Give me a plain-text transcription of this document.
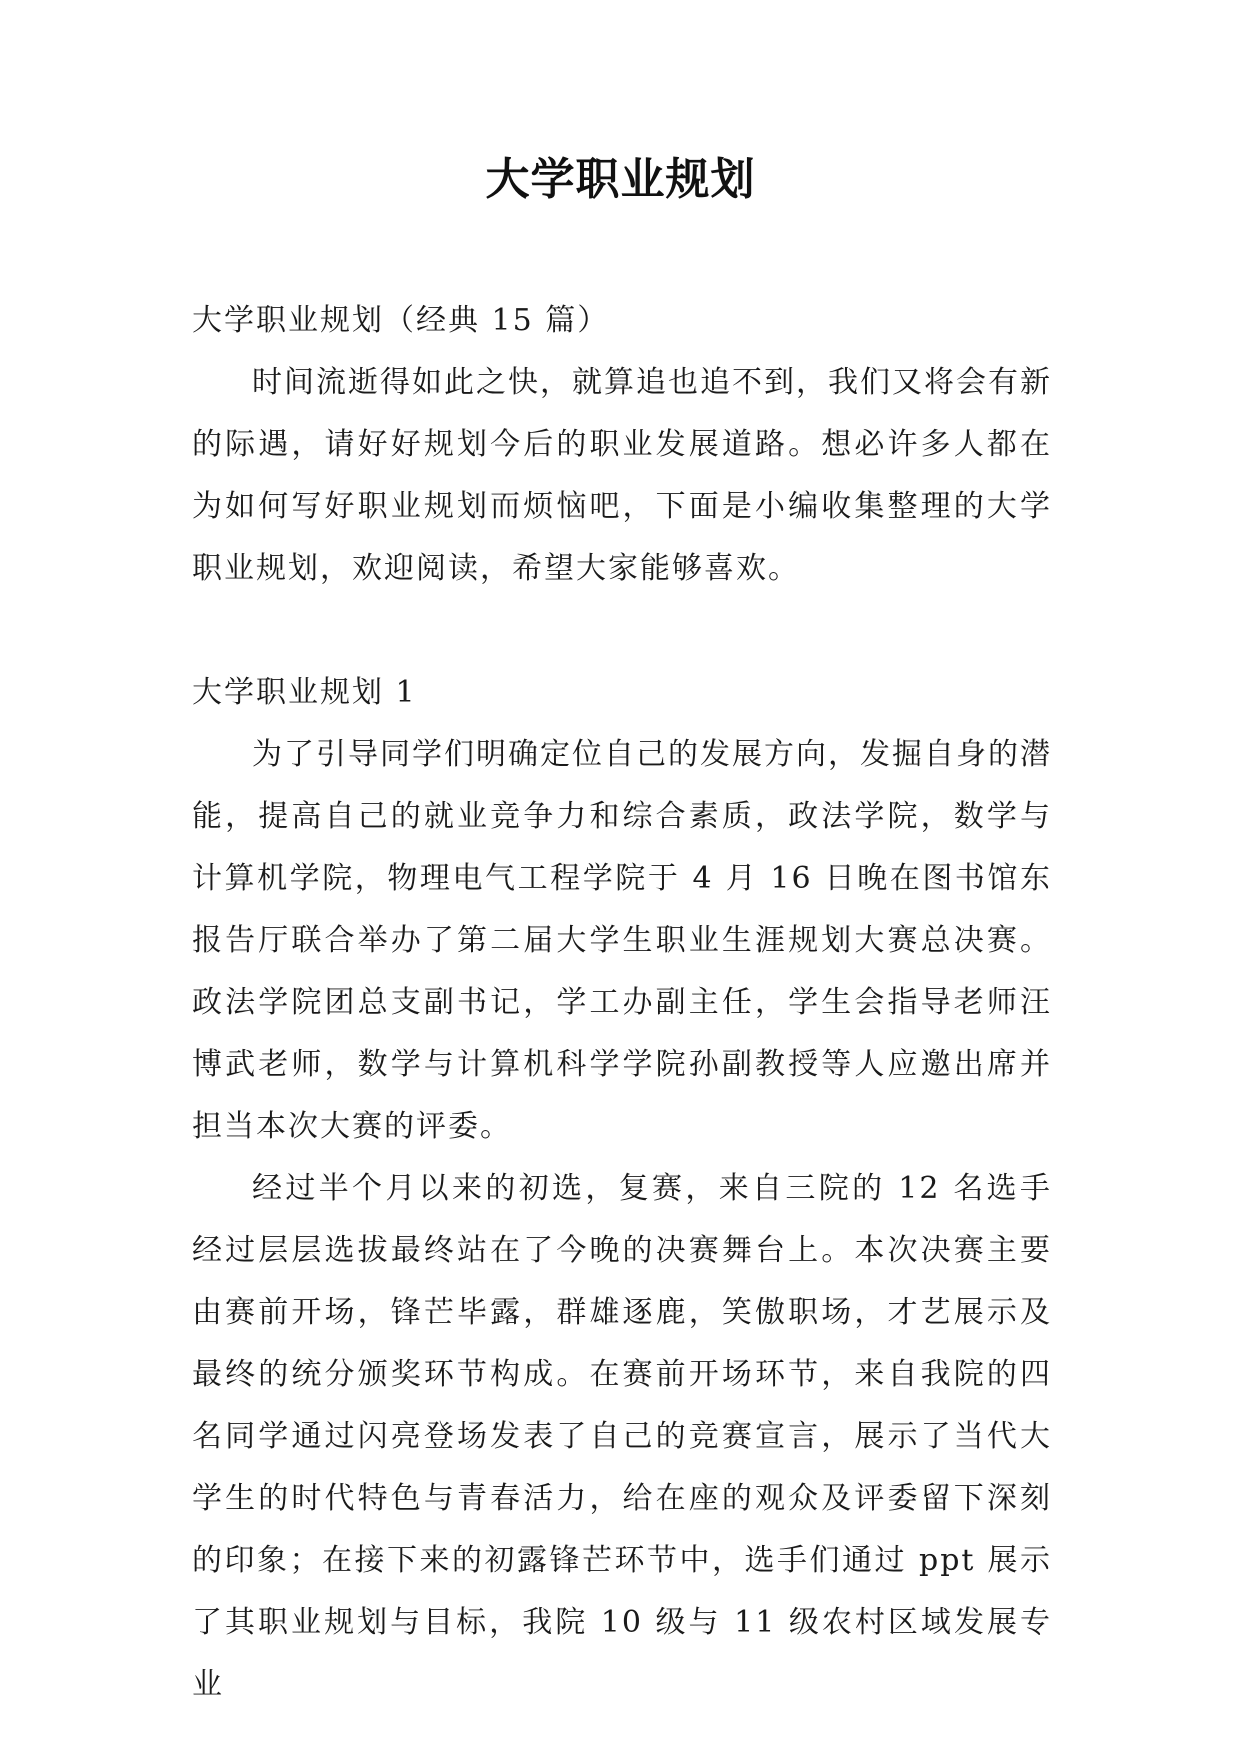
大学职业规划

大学职业规划（经典 15 篇）

时间流逝得如此之快，就算追也追不到，我们又将会有新的际遇，请好好规划今后的职业发展道路。想必许多人都在为如何写好职业规划而烦恼吧，下面是小编收集整理的大学职业规划，欢迎阅读，希望大家能够喜欢。

大学职业规划 1

为了引导同学们明确定位自己的发展方向，发掘自身的潜能，提高自己的就业竞争力和综合素质，政法学院，数学与计算机学院，物理电气工程学院于 4 月 16 日晚在图书馆东报告厅联合举办了第二届大学生职业生涯规划大赛总决赛。政法学院团总支副书记，学工办副主任，学生会指导老师汪博武老师，数学与计算机科学学院孙副教授等人应邀出席并担当本次大赛的评委。

经过半个月以来的初选，复赛，来自三院的 12 名选手经过层层选拔最终站在了今晚的决赛舞台上。本次决赛主要由赛前开场，锋芒毕露，群雄逐鹿，笑傲职场，才艺展示及最终的统分颁奖环节构成。在赛前开场环节，来自我院的四名同学通过闪亮登场发表了自己的竞赛宣言，展示了当代大学生的时代特色与青春活力，给在座的观众及评委留下深刻的印象；在接下来的初露锋芒环节中，选手们通过 ppt 展示了其职业规划与目标，我院 10 级与 11 级农村区域发展专业
